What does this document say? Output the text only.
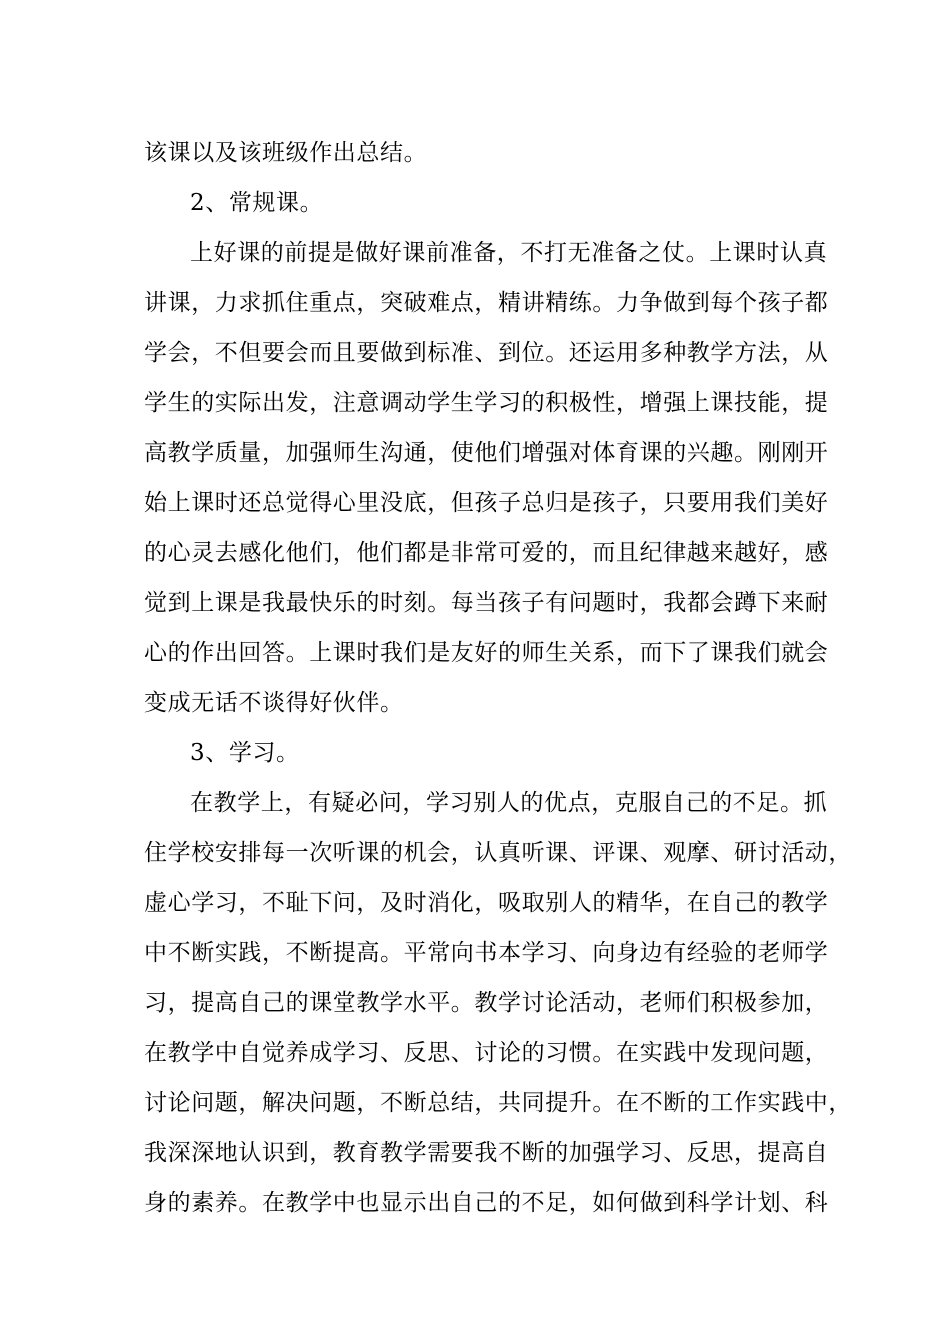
该课以及该班级作出总结。
2、常规课。
上好课的前提是做好课前准备，不打无准备之仗。上课时认真
讲课，力求抓住重点，突破难点，精讲精练。力争做到每个孩子都
学会，不但要会而且要做到标准、到位。还运用多种教学方法，从
学生的实际出发，注意调动学生学习的积极性，增强上课技能，提
高教学质量，加强师生沟通，使他们增强对体育课的兴趣。刚刚开
始上课时还总觉得心里没底，但孩子总归是孩子，只要用我们美好
的心灵去感化他们，他们都是非常可爱的，而且纪律越来越好，感
觉到上课是我最快乐的时刻。每当孩子有问题时，我都会蹲下来耐
心的作出回答。上课时我们是友好的师生关系，而下了课我们就会
变成无话不谈得好伙伴。
3、学习。
在教学上，有疑必问，学习别人的优点，克服自己的不足。抓
住学校安排每一次听课的机会，认真听课、评课、观摩、研讨活动，
虚心学习，不耻下问，及时消化，吸取别人的精华，在自己的教学
中不断实践，不断提高。平常向书本学习、向身边有经验的老师学
习，提高自己的课堂教学水平。教学讨论活动，老师们积极参加，
在教学中自觉养成学习、反思、讨论的习惯。在实践中发现问题，
讨论问题，解决问题，不断总结，共同提升。在不断的工作实践中，
我深深地认识到，教育教学需要我不断的加强学习、反思，提高自
身的素养。在教学中也显示出自己的不足，如何做到科学计划、科
